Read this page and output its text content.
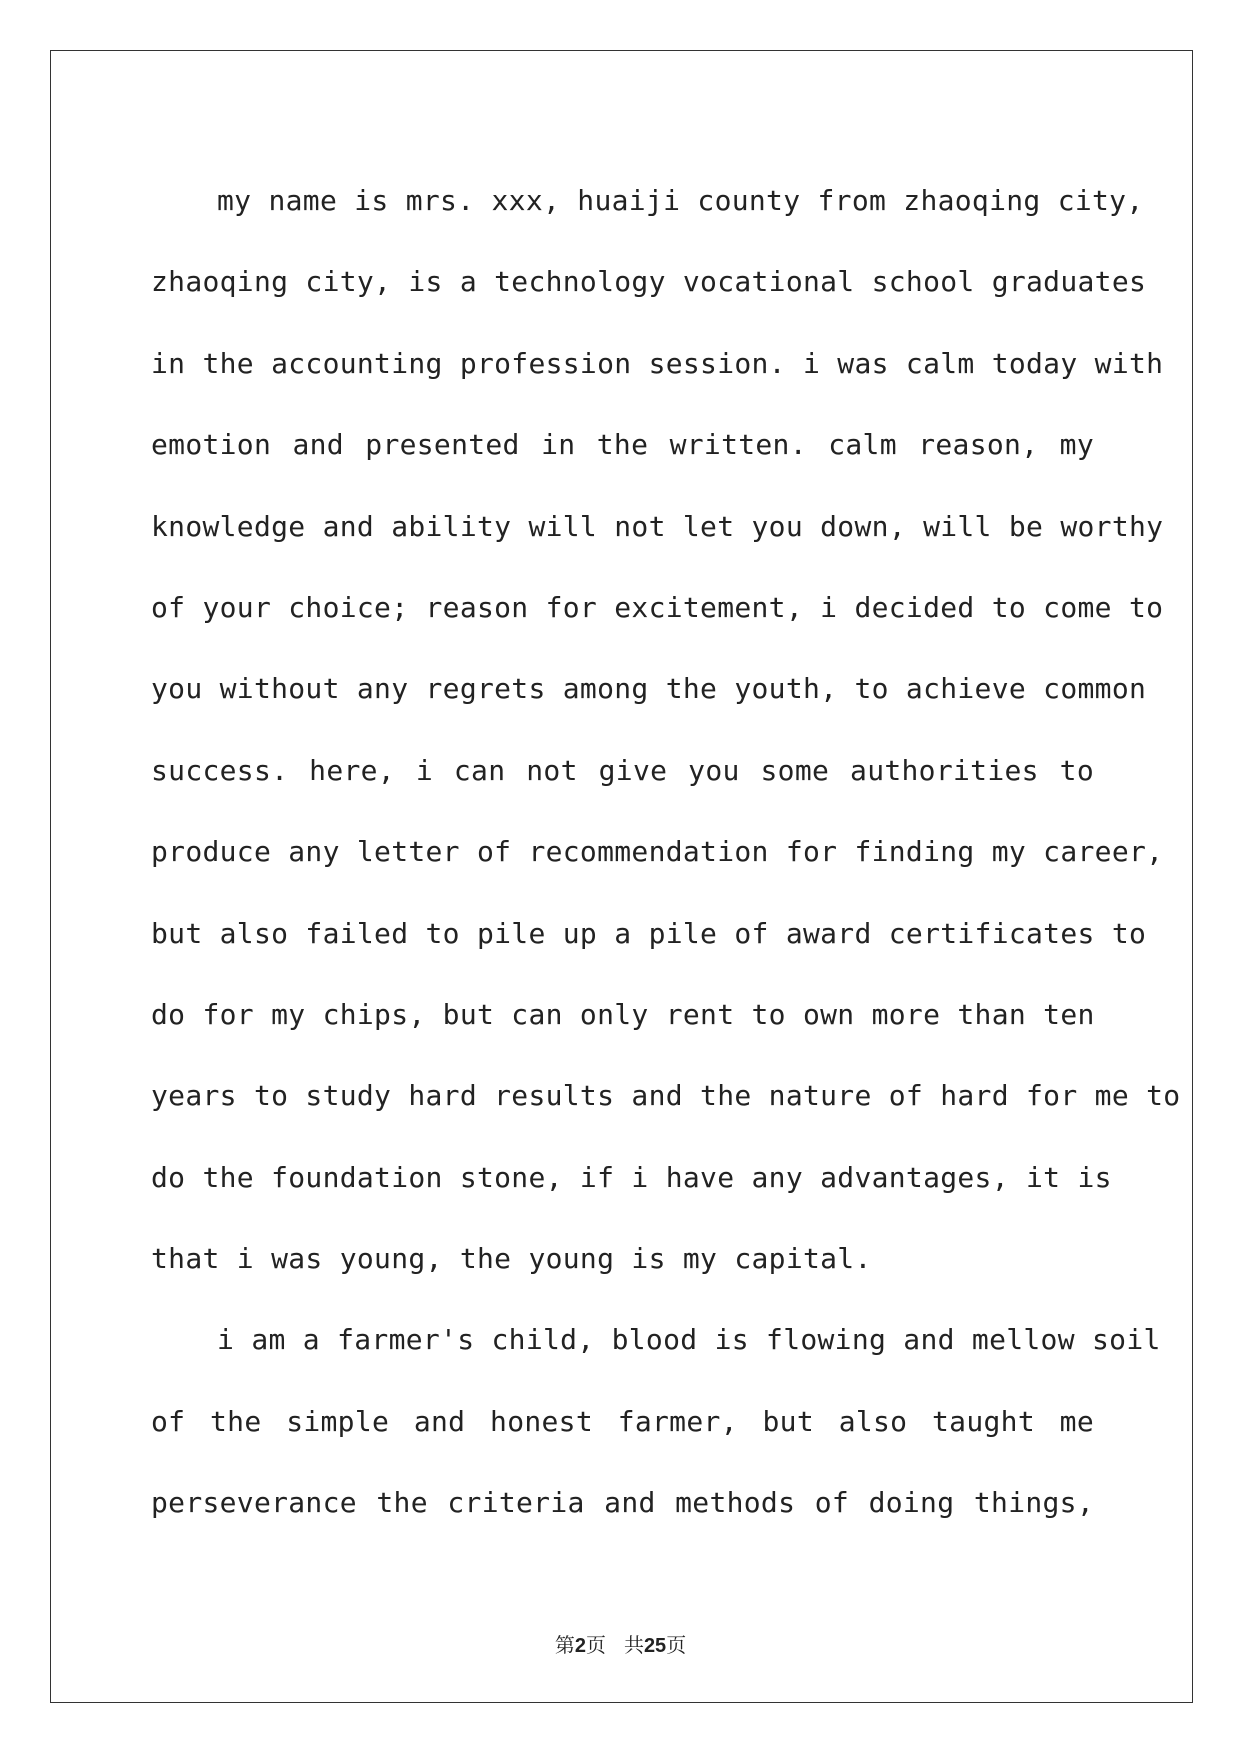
my name is mrs. xxx, huaiji county from zhaoqing city,
zhaoqing city, is a technology vocational school graduates
in the accounting profession session. i was calm today with
emotion and presented in the written. calm reason, my
knowledge and ability will not let you down, will be worthy
of your choice; reason for excitement, i decided to come to
you without any regrets among the youth, to achieve common
success. here, i can not give you some authorities to
produce any letter of recommendation for finding my career,
but also failed to pile up a pile of award certificates to
do for my chips, but can only rent to own more than ten
years to study hard results and the nature of hard for me to
do the foundation stone, if i have any advantages, it is
that i was young, the young is my capital.
i am a farmer's child, blood is flowing and mellow soil
of the simple and honest farmer, but also taught me
perseverance the criteria and methods of doing things,
第2页 共25页
